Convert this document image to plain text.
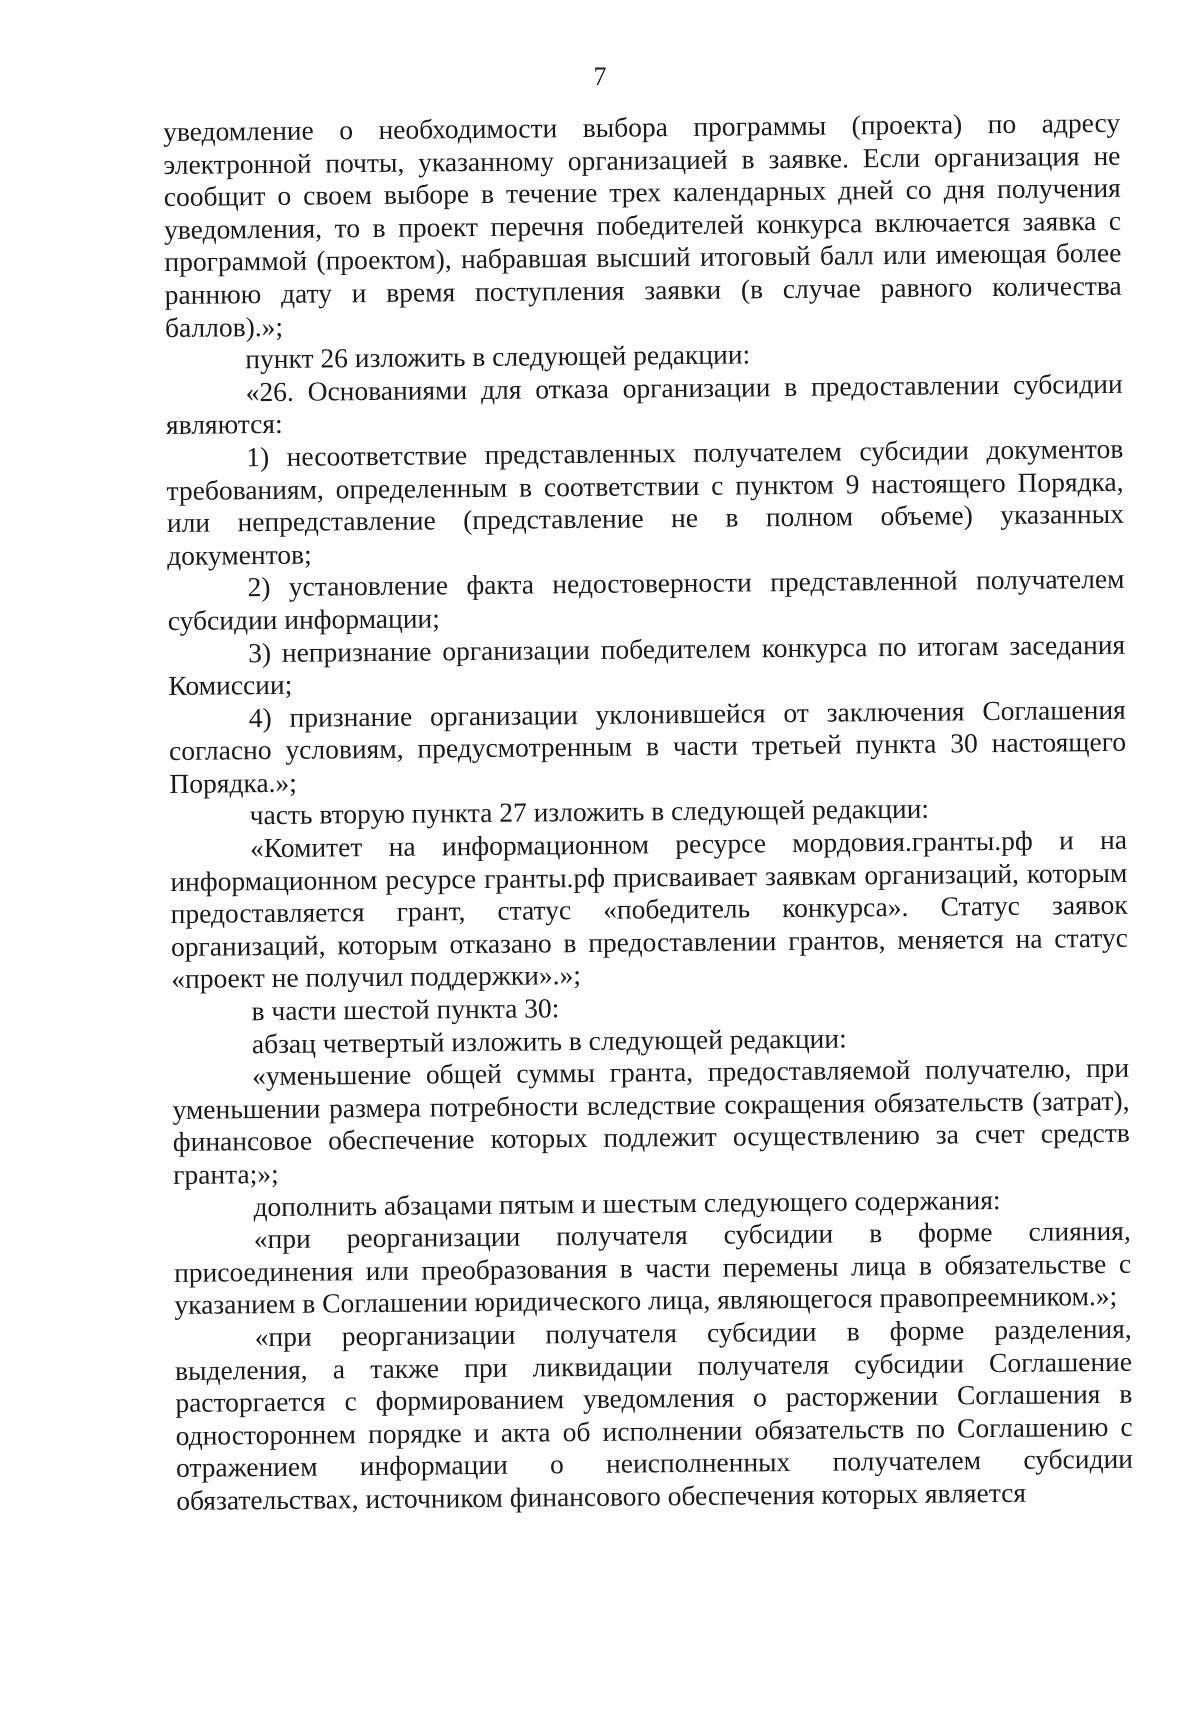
7

уведомление о необходимости выбора программы (проекта) по адресу электронной почты, указанному организацией в заявке. Если организация не сообщит о своем выборе в течение трех календарных дней со дня получения уведомления, то в проект перечня победителей конкурса включается заявка с программой (проектом), набравшая высший итоговый балл или имеющая более раннюю дату и время поступления заявки (в случае равного количества баллов).»;

пункт 26 изложить в следующей редакции:

«26. Основаниями для отказа организации в предоставлении субсидии являются:

1) несоответствие представленных получателем субсидии документов требованиям, определенным в соответствии с пунктом 9 настоящего Порядка, или непредставление (представление не в полном объеме) указанных документов;

2) установление факта недостоверности представленной получателем субсидии информации;

3) непризнание организации победителем конкурса по итогам заседания Комиссии;

4) признание организации уклонившейся от заключения Соглашения согласно условиям, предусмотренным в части третьей пункта 30 настоящего Порядка.»;

часть вторую пункта 27 изложить в следующей редакции:

«Комитет на информационном ресурсе мордовия.гранты.рф и на информационном ресурсе гранты.рф присваивает заявкам организаций, которым предоставляется грант, статус «победитель конкурса». Статус заявок организаций, которым отказано в предоставлении грантов, меняется на статус «проект не получил поддержки».»;

в части шестой пункта 30:

абзац четвертый изложить в следующей редакции:

«уменьшение общей суммы гранта, предоставляемой получателю, при уменьшении размера потребности вследствие сокращения обязательств (затрат), финансовое обеспечение которых подлежит осуществлению за счет средств гранта;»;

дополнить абзацами пятым и шестым следующего содержания:

«при реорганизации получателя субсидии в форме слияния, присоединения или преобразования в части перемены лица в обязательстве с указанием в Соглашении юридического лица, являющегося правопреемником.»;

«при реорганизации получателя субсидии в форме разделения, выделения, а также при ликвидации получателя субсидии Соглашение расторгается с формированием уведомления о расторжении Соглашения в одностороннем порядке и акта об исполнении обязательств по Соглашению с отражением информации о неисполненных получателем субсидии обязательствах, источником финансового обеспечения которых является
